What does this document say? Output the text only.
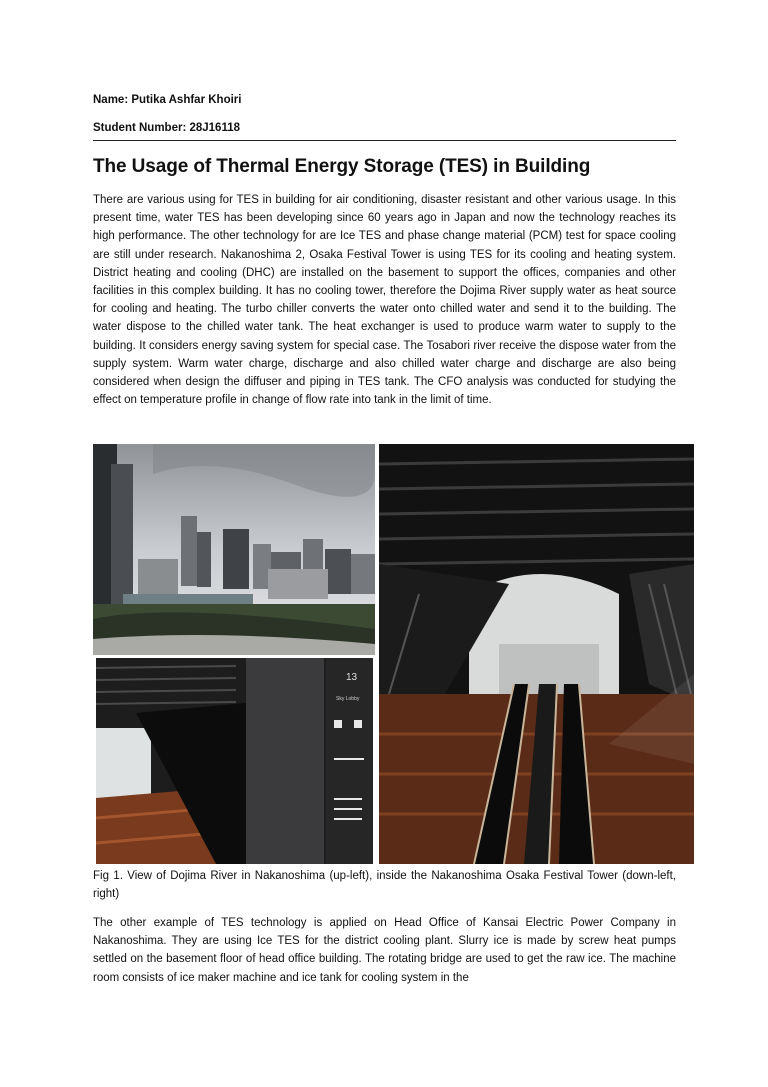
Name: Putika Ashfar Khoiri
Student Number: 28J16118
The Usage of Thermal Energy Storage (TES) in Building

There are various using for TES in building for air conditioning, disaster resistant and other various usage. In this present time, water TES has been developing since 60 years ago in Japan and now the technology reaches its high performance. The other technology for are Ice TES and phase change material (PCM) test for space cooling are still under research. Nakanoshima 2, Osaka Festival Tower is using TES for its cooling and heating system. District heating and cooling (DHC) are installed on the basement to support the offices, companies and other facilities in this complex building. It has no cooling tower, therefore the Dojima River supply water as heat source for cooling and heating. The turbo chiller converts the water onto chilled water and send it to the building. The water dispose to the chilled water tank. The heat exchanger is used to produce warm water to supply to the building. It considers energy saving system for special case. The Tosabori river receive the dispose water from the supply system. Warm water charge, discharge and also chilled water charge and discharge are also being considered when design the diffuser and piping in TES tank. The CFO analysis was conducted for studying the effect on temperature profile in change of flow rate into tank in the limit of time.

13
Sky Lobby

Fig 1. View of Dojima River in Nakanoshima (up-left), inside the Nakanoshima Osaka Festival Tower (down-left, right)

The other example of TES technology is applied on Head Office of Kansai Electric Power Company in Nakanoshima. They are using Ice TES for the district cooling plant. Slurry ice is made by screw heat pumps settled on the basement floor of head office building. The rotating bridge are used to get the raw ice. The machine room consists of ice maker machine and ice tank for cooling system in the
